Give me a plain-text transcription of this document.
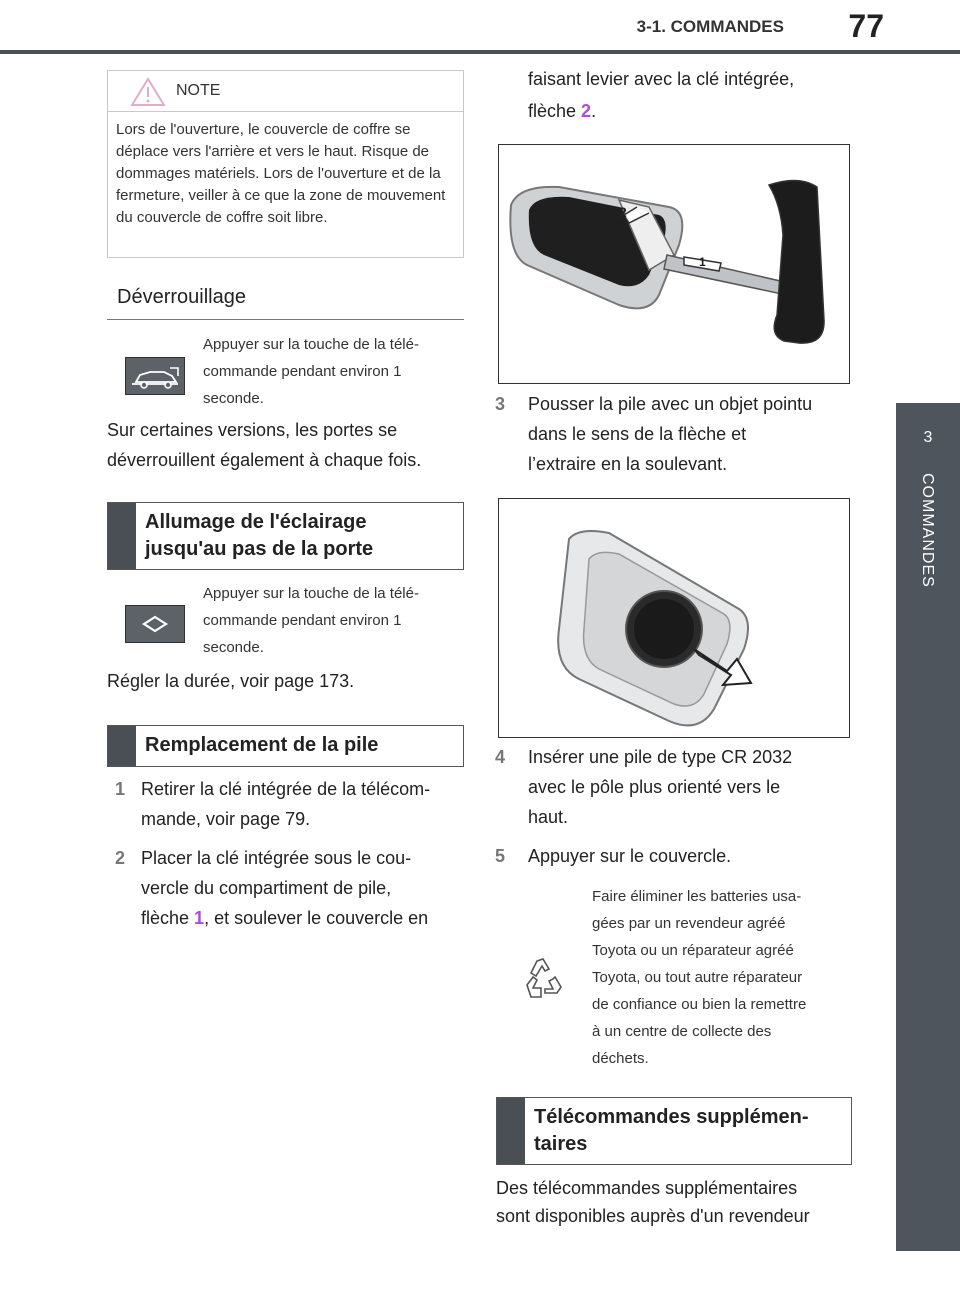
3-1. COMMANDES 77
3
COMMANDES
NOTE
Lors de l'ouverture, le couvercle de coffre se déplace vers l'arrière et vers le haut. Risque de dommages matériels. Lors de l'ouverture et de la fermeture, veiller à ce que la zone de mouvement du couvercle de coffre soit libre.
Déverrouillage
Appuyer sur la touche de la télé-
commande pendant environ 1
seconde.
Sur certaines versions, les portes se
déverrouillent également à chaque fois.
Allumage de l'éclairage
jusqu'au pas de la porte
Appuyer sur la touche de la télé-
commande pendant environ 1
seconde.
Régler la durée, voir page 173.
Remplacement de la pile
1 Retirer la clé intégrée de la télécom-
mande, voir page 79.
2 Placer la clé intégrée sous le cou-
vercle du compartiment de pile,
flèche 1, et soulever le couvercle en
faisant levier avec la clé intégrée,
flèche 2.
2
1
3 Pousser la pile avec un objet pointu
dans le sens de la flèche et
l’extraire en la soulevant.
4 Insérer une pile de type CR 2032
avec le pôle plus orienté vers le
haut.
5 Appuyer sur le couvercle.
Faire éliminer les batteries usa-
gées par un revendeur agréé
Toyota ou un réparateur agréé
Toyota, ou tout autre réparateur
de confiance ou bien la remettre
à un centre de collecte des
déchets.
Télécommandes supplémen-
taires
Des télécommandes supplémentaires
sont disponibles auprès d'un revendeur
